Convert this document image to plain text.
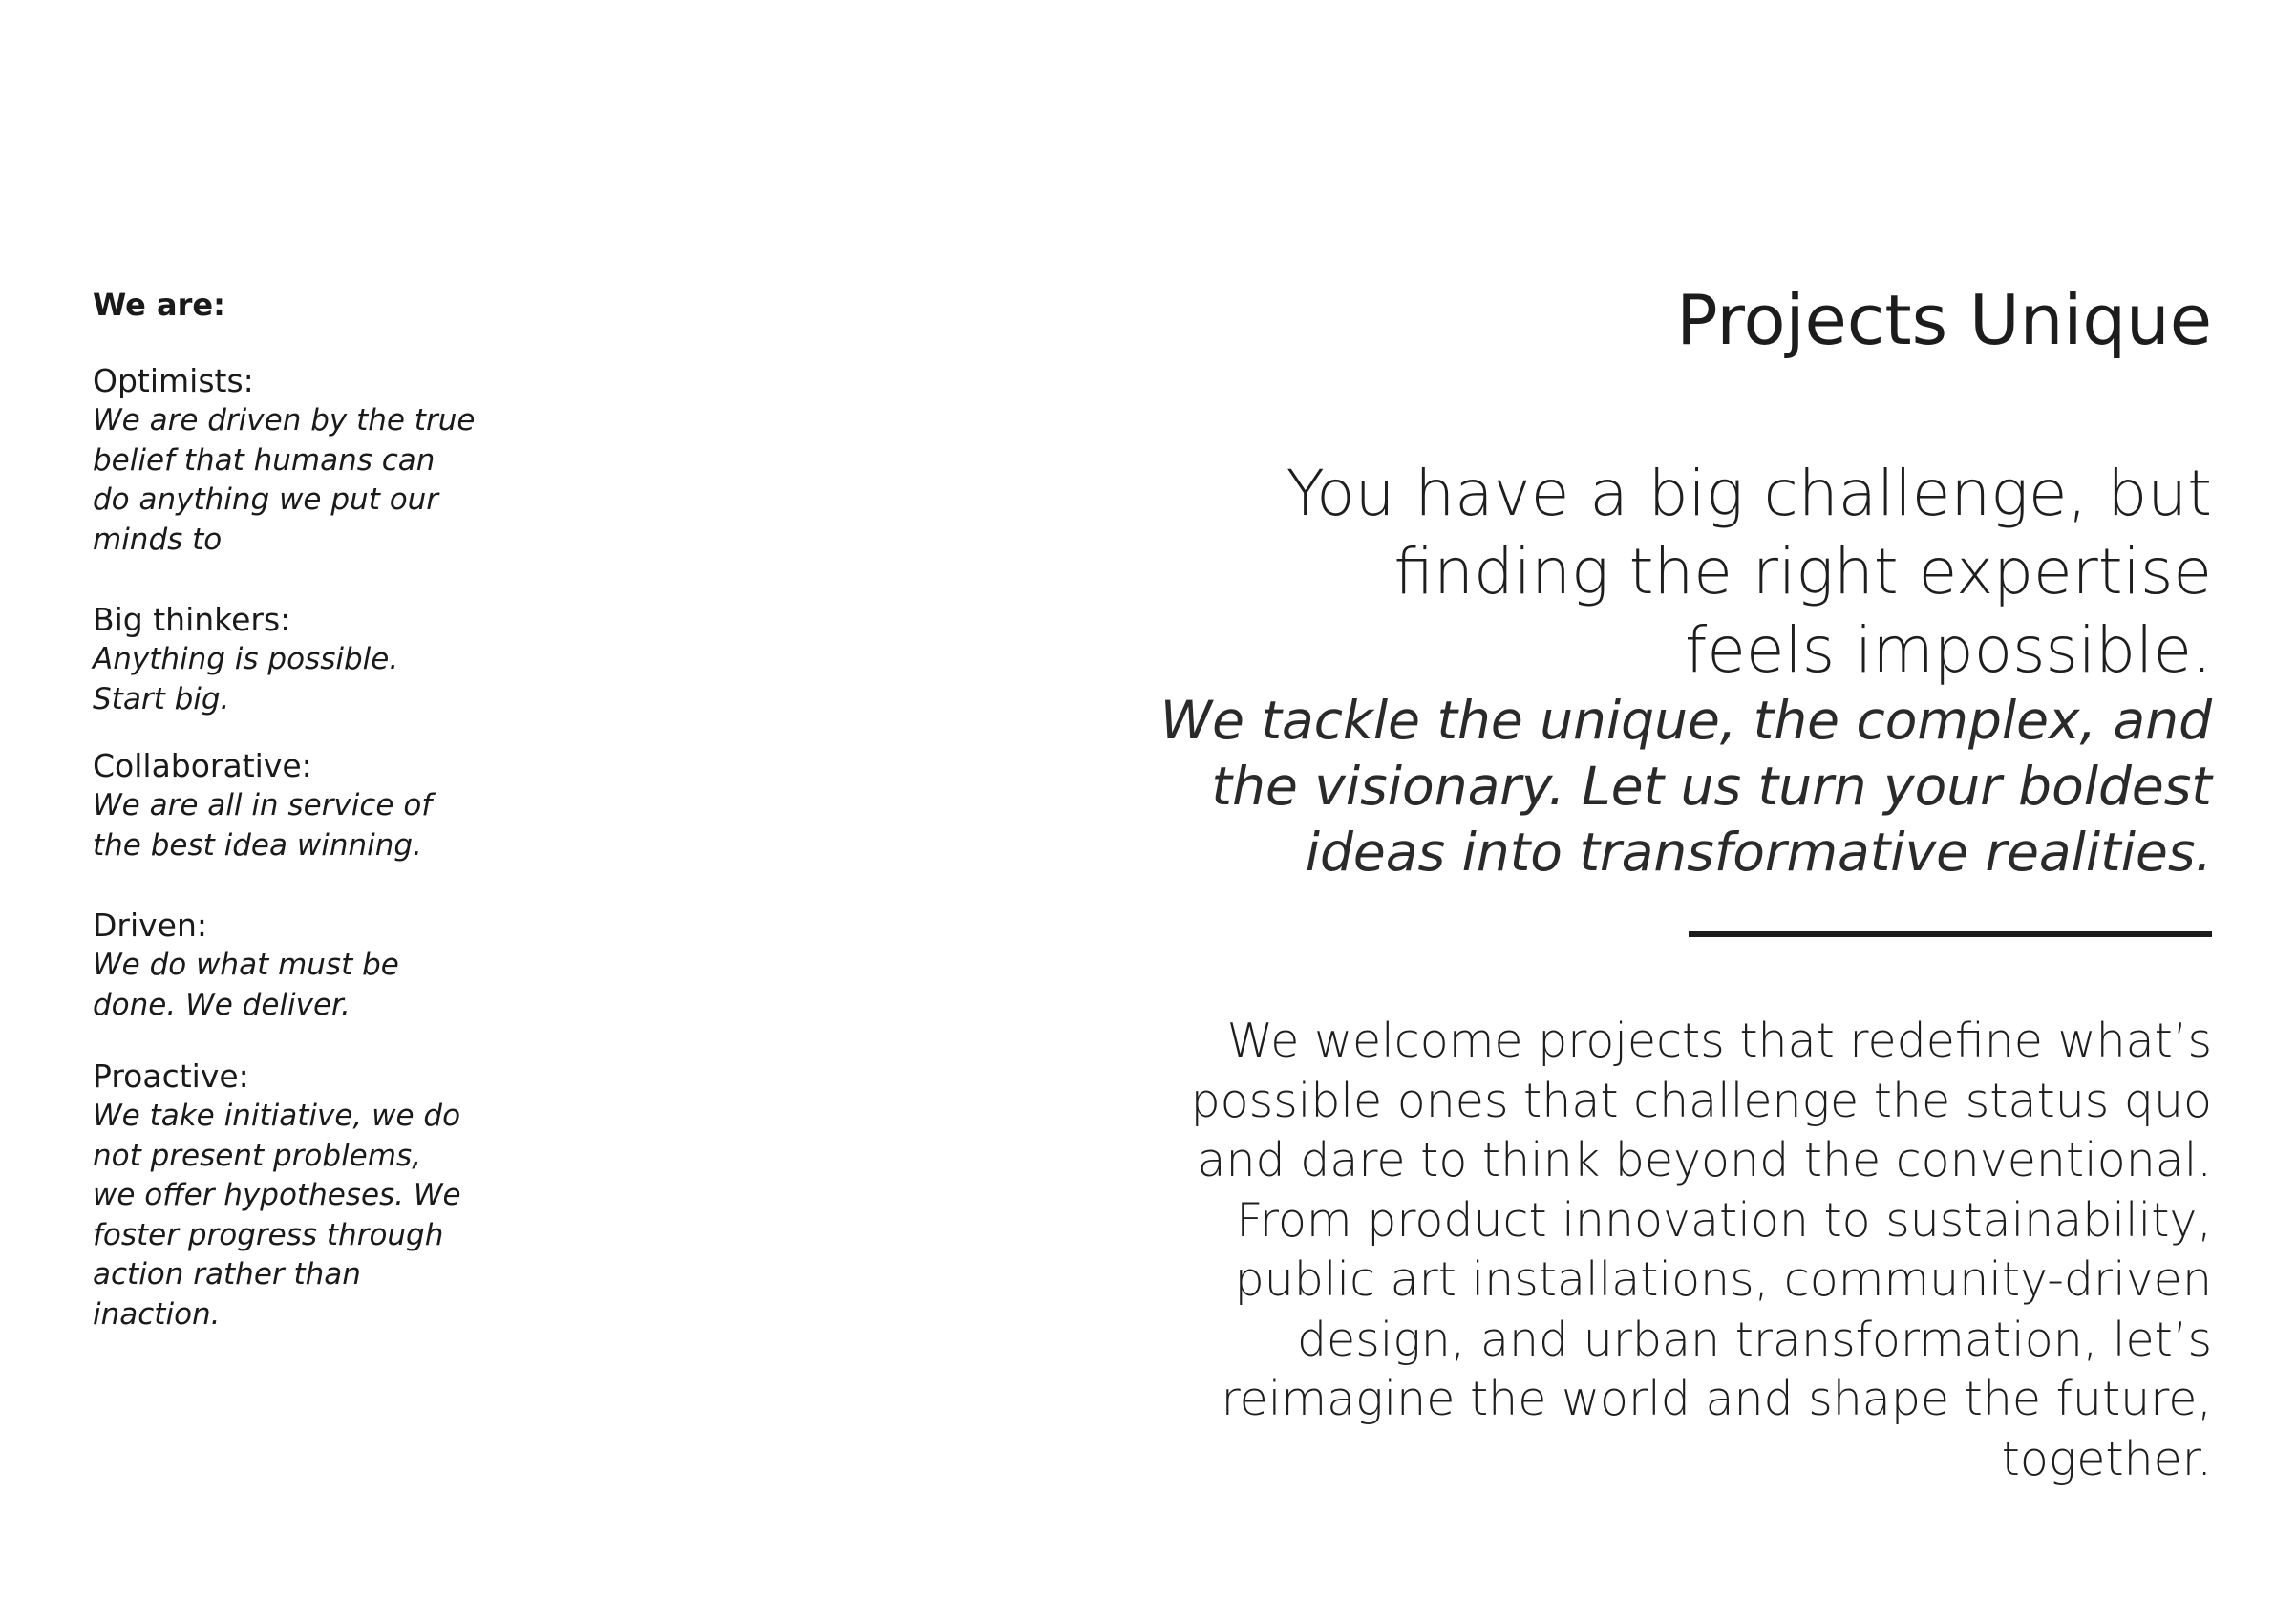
We are:
Optimists:
We are driven by the true
belief that humans can
do anything we put our
minds to
Big thinkers:
Anything is possible.
Start big.
Collaborative:
We are all in service of
the best idea winning.
Driven:
We do what must be
done. We deliver.
Proactive:
We take initiative, we do
not present problems,
we offer hypotheses. We
foster progress through
action rather than
inaction.
Projects Unique

You have a big challenge, but
finding the right expertise
feels impossible.

We tackle the unique, the complex, and
the visionary. Let us turn your boldest
ideas into transformative realities.

We welcome projects that redefine what’s
possible ones that challenge the status quo
and dare to think beyond the conventional.
From product innovation to sustainability,
public art installations, community-driven
design, and urban transformation, let’s
reimagine the world and shape the future,
together.
